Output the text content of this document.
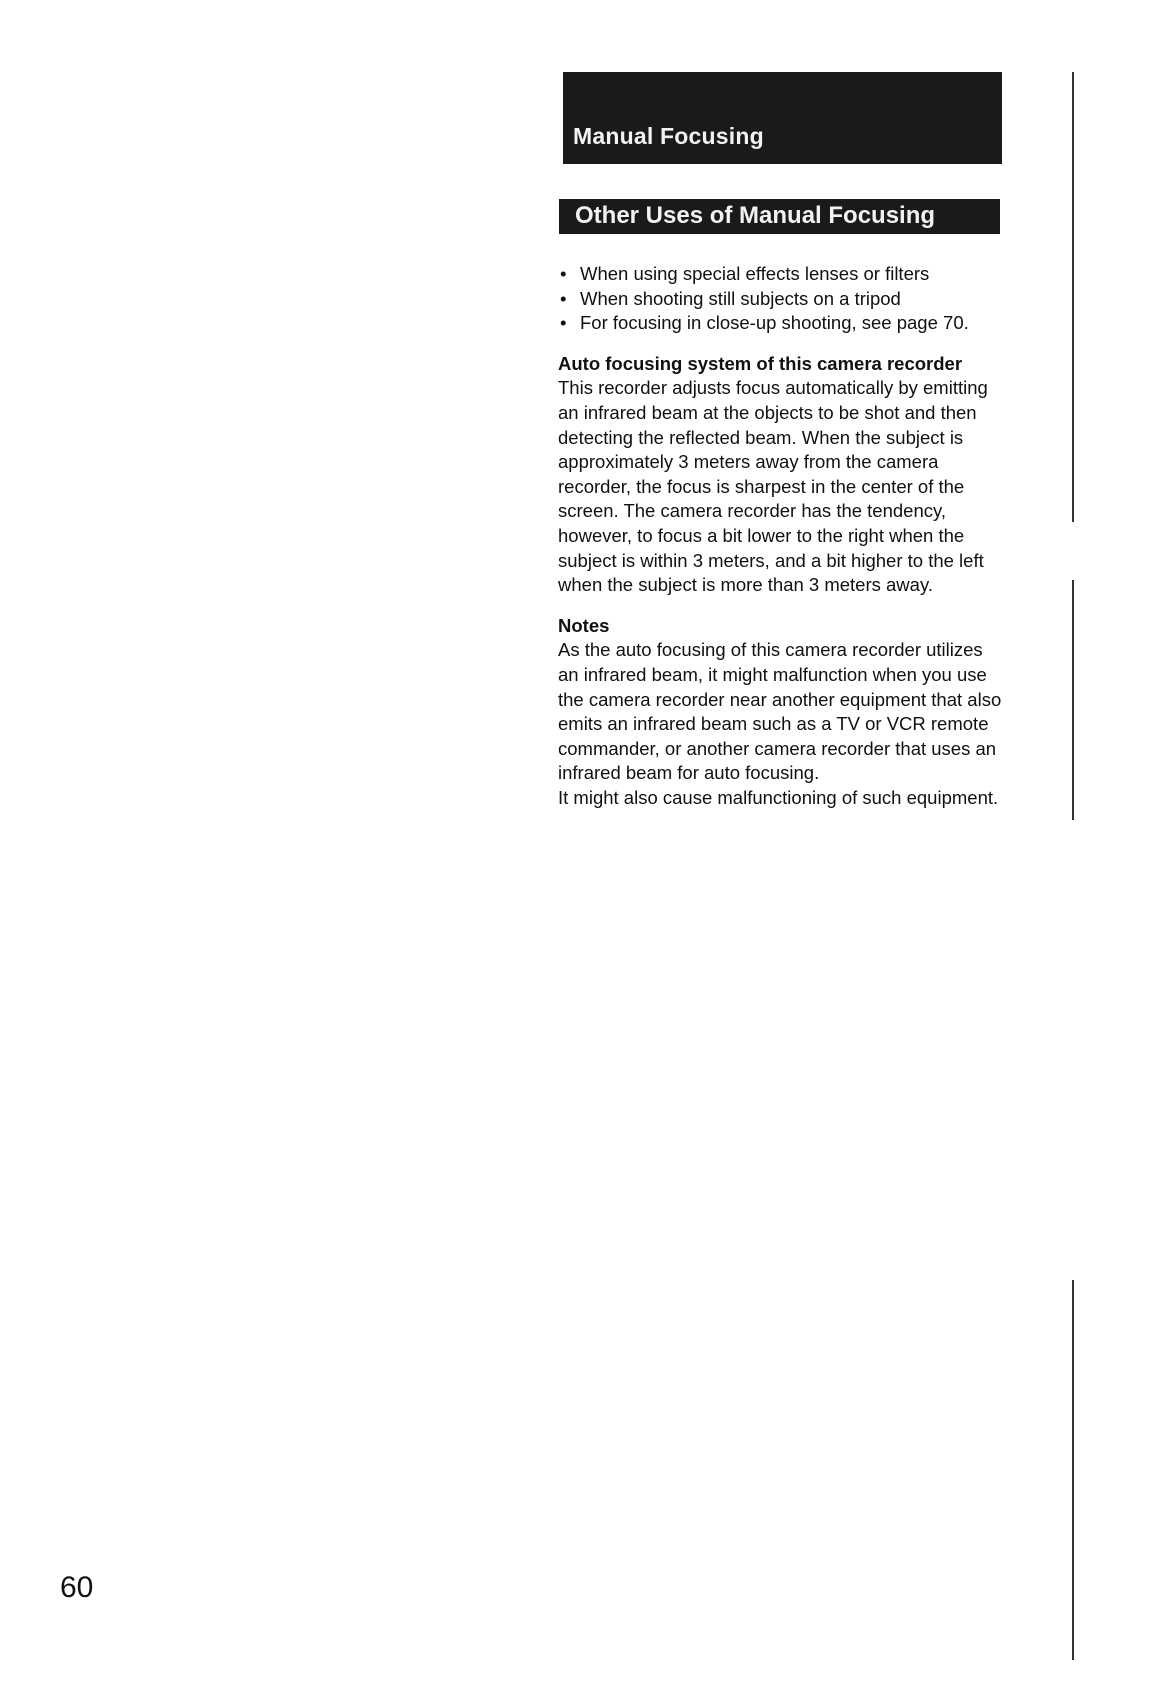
Manual Focusing
Other Uses of Manual Focusing
• When using special effects lenses or filters
• When shooting still subjects on a tripod
• For focusing in close-up shooting, see page 70.
Auto focusing system of this camera recorder

This recorder adjusts focus automatically by emitting an infrared beam at the objects to be shot and then detecting the reflected beam. When the subject is approximately 3 meters away from the camera recorder, the focus is sharpest in the center of the screen. The camera recorder has the tendency, however, to focus a bit lower to the right when the subject is within 3 meters, and a bit higher to the left when the subject is more than 3 meters away.

Notes

As the auto focusing of this camera recorder utilizes an infrared beam, it might malfunction when you use the camera recorder near another equipment that also emits an infrared beam such as a TV or VCR remote commander, or another camera recorder that uses an infrared beam for auto focusing.

It might also cause malfunctioning of such equipment.

60
